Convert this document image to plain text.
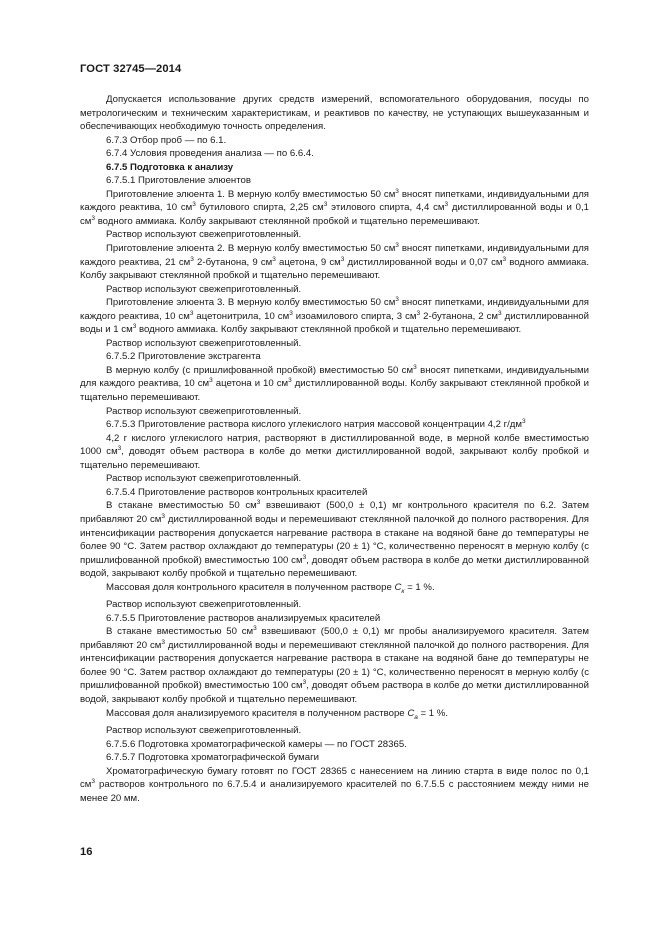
ГОСТ 32745—2014

Допускается использование других средств измерений, вспомогательного оборудования, посуды по метрологическим и техническим характеристикам, и реактивов по качеству, не уступающих вышеуказанным и обеспечивающих необходимую точность определения.

6.7.3 Отбор проб — по 6.1.

6.7.4 Условия проведения анализа — по 6.6.4.

6.7.5 Подготовка к анализу

6.7.5.1 Приготовление элюентов

Приготовление элюента 1. В мерную колбу вместимостью 50 $см^3$ вносят пипетками, индивидуальными для каждого реактива, 10 $см^3$ бутилового спирта, 2,25 $см^3$ этилового спирта, 4,4 $см^3$ дистиллированной воды и 0,1 $см^3$ водного аммиака. Колбу закрывают стеклянной пробкой и тщательно перемешивают.

Раствор используют свежеприготовленный.

Приготовление элюента 2. В мерную колбу вместимостью 50 $см^3$ вносят пипетками, индивидуальными для каждого реактива, 21 $см^3$ 2-бутанона, 9 $см^3$ ацетона, 9 $см^3$ дистиллированной воды и 0,07 $см^3$ водного аммиака. Колбу закрывают стеклянной пробкой и тщательно перемешивают.

Раствор используют свежеприготовленный.

Приготовление элюента 3. В мерную колбу вместимостью 50 $см^3$ вносят пипетками, индивидуальными для каждого реактива, 10 $см^3$ ацетонитрила, 10 $см^3$ изоамилового спирта, 3 $см^3$ 2-бутанона, 2 $см^3$ дистиллированной воды и 1 $см^3$ водного аммиака. Колбу закрывают стеклянной пробкой и тщательно перемешивают.

Раствор используют свежеприготовленный.

6.7.5.2 Приготовление экстрагента

В мерную колбу (с пришлифованной пробкой) вместимостью 50 $см^3$ вносят пипетками, индивидуальными для каждого реактива, 10 $см^3$ ацетона и 10 $см^3$ дистиллированной воды. Колбу закрывают стеклянной пробкой и тщательно перемешивают.

Раствор используют свежеприготовленный.

6.7.5.3 Приготовление раствора кислого углекислого натрия массовой концентрации 4,2 $г/дм^3$

4,2 г кислого углекислого натрия, растворяют в дистиллированной воде, в мерной колбе вместимостью 1000 $см^3$, доводят объем раствора в колбе до метки дистиллированной водой, закрывают колбу пробкой и тщательно перемешивают.

Раствор используют свежеприготовленный.

6.7.5.4 Приготовление растворов контрольных красителей

В стакане вместимостью 50 $см^3$ взвешивают (500,0 ± 0,1) мг контрольного красителя по 6.2. Затем прибавляют 20 $см^3$ дистиллированной воды и перемешивают стеклянной палочкой до полного растворения. Для интенсификации растворения допускается нагревание раствора в стакане на водяной бане до температуры не более 90 °С. Затем раствор охлаждают до температуры (20 ± 1) °С, количественно переносят в мерную колбу (с пришлифованной пробкой) вместимостью 100 $см^3$, доводят объем раствора в колбе до метки дистиллированной водой, закрывают колбу пробкой и тщательно перемешивают.

Массовая доля контрольного красителя в полученном растворе $C_к = 1$ %.

Раствор используют свежеприготовленный.

6.7.5.5 Приготовление растворов анализируемых красителей

В стакане вместимостью 50 $см^3$ взвешивают (500,0 ± 0,1) мг пробы анализируемого красителя. Затем прибавляют 20 $см^3$ дистиллированной воды и перемешивают стеклянной палочкой до полного растворения. Для интенсификации растворения допускается нагревание раствора в стакане на водяной бане до температуры не более 90 °С. Затем раствор охлаждают до температуры (20 ± 1) °С, количественно переносят в мерную колбу (с пришлифованной пробкой) вместимостью 100 $см^3$, доводят объем раствора в колбе до метки дистиллированной водой, закрывают колбу пробкой и тщательно перемешивают.

Массовая доля анализируемого красителя в полученном растворе $C_а = 1$ %.

Раствор используют свежеприготовленный.

6.7.5.6 Подготовка хроматографической камеры — по ГОСТ 28365.

6.7.5.7 Подготовка хроматографической бумаги

Хроматографическую бумагу готовят по ГОСТ 28365 с нанесением на линию старта в виде полос по 0,1 $см^3$ растворов контрольного по 6.7.5.4 и анализируемого красителей по 6.7.5.5 с расстоянием между ними не менее 20 мм.

16
